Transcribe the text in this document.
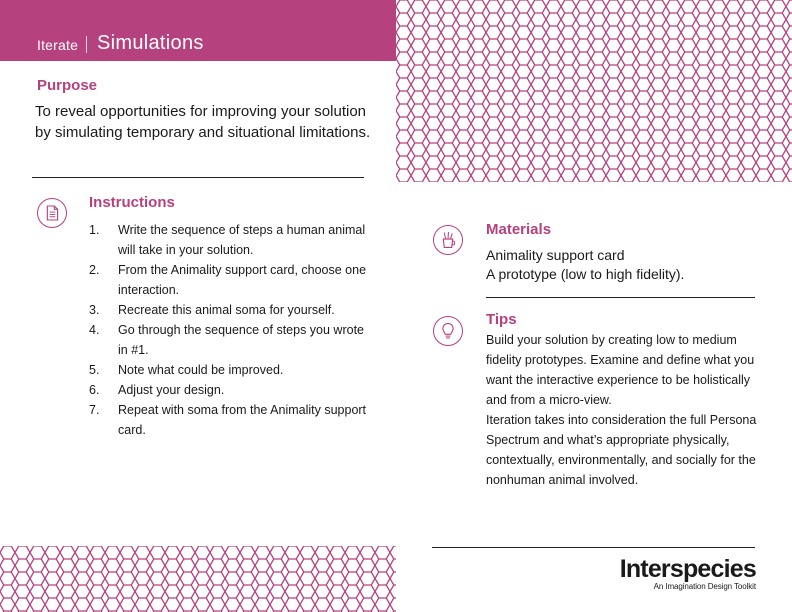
Iterate Simulations
Purpose
To reveal opportunities for improving your solution by simulating temporary and situational limitations.
Instructions
1. Write the sequence of steps a human animal will take in your solution.
2. From the Animality support card, choose one interaction.
3. Recreate this animal soma for yourself.
4. Go through the sequence of steps you wrote in #1.
5. Note what could be improved.
6. Adjust your design.
7. Repeat with soma from the Animality support card.
Materials
Animality support card
A prototype (low to high fidelity).
Tips

Build your solution by creating low to medium fidelity prototypes. Examine and define what you want the interactive experience to be holistically and from a micro-view.

Iteration takes into consideration the full Persona Spectrum and what’s appropriate physically, contextually, environmentally, and socially for the nonhuman animal involved.

Interspecies
An Imagination Design Toolkit
